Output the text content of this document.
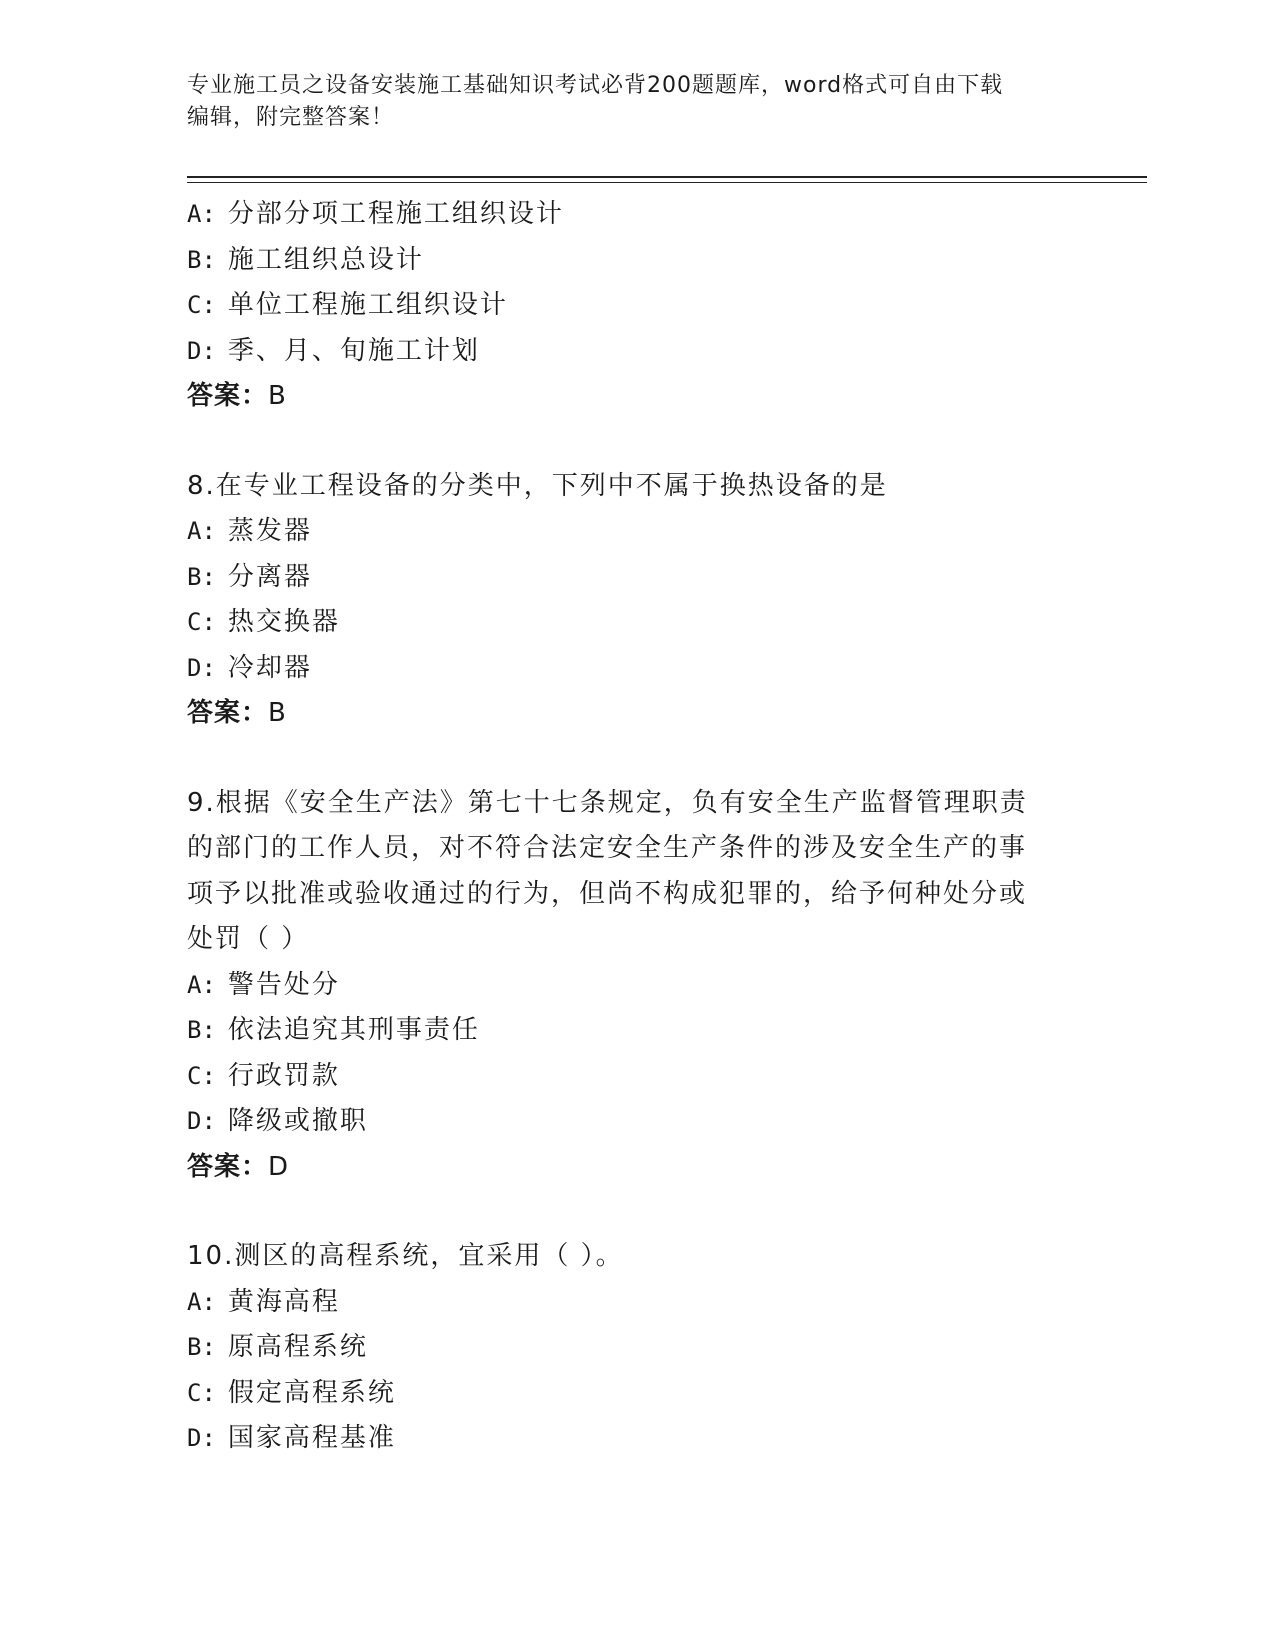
专业施工员之设备安装施工基础知识考试必背200题题库，word格式可自由下载
编辑，附完整答案！
A: 分部分项工程施工组织设计
B: 施工组织总设计
C: 单位工程施工组织设计
D: 季、月、旬施工计划
答案：B
8.在专业工程设备的分类中，下列中不属于换热设备的是
A: 蒸发器
B: 分离器
C: 热交换器
D: 冷却器
答案：B
9.根据《安全生产法》第七十七条规定，负有安全生产监督管理职责
的部门的工作人员，对不符合法定安全生产条件的涉及安全生产的事
项予以批准或验收通过的行为，但尚不构成犯罪的，给予何种处分或
处罚（ ）
A: 警告处分
B: 依法追究其刑事责任
C: 行政罚款
D: 降级或撤职
答案：D
10.测区的高程系统，宜采用（ ）。
A: 黄海高程
B: 原高程系统
C: 假定高程系统
D: 国家高程基准
